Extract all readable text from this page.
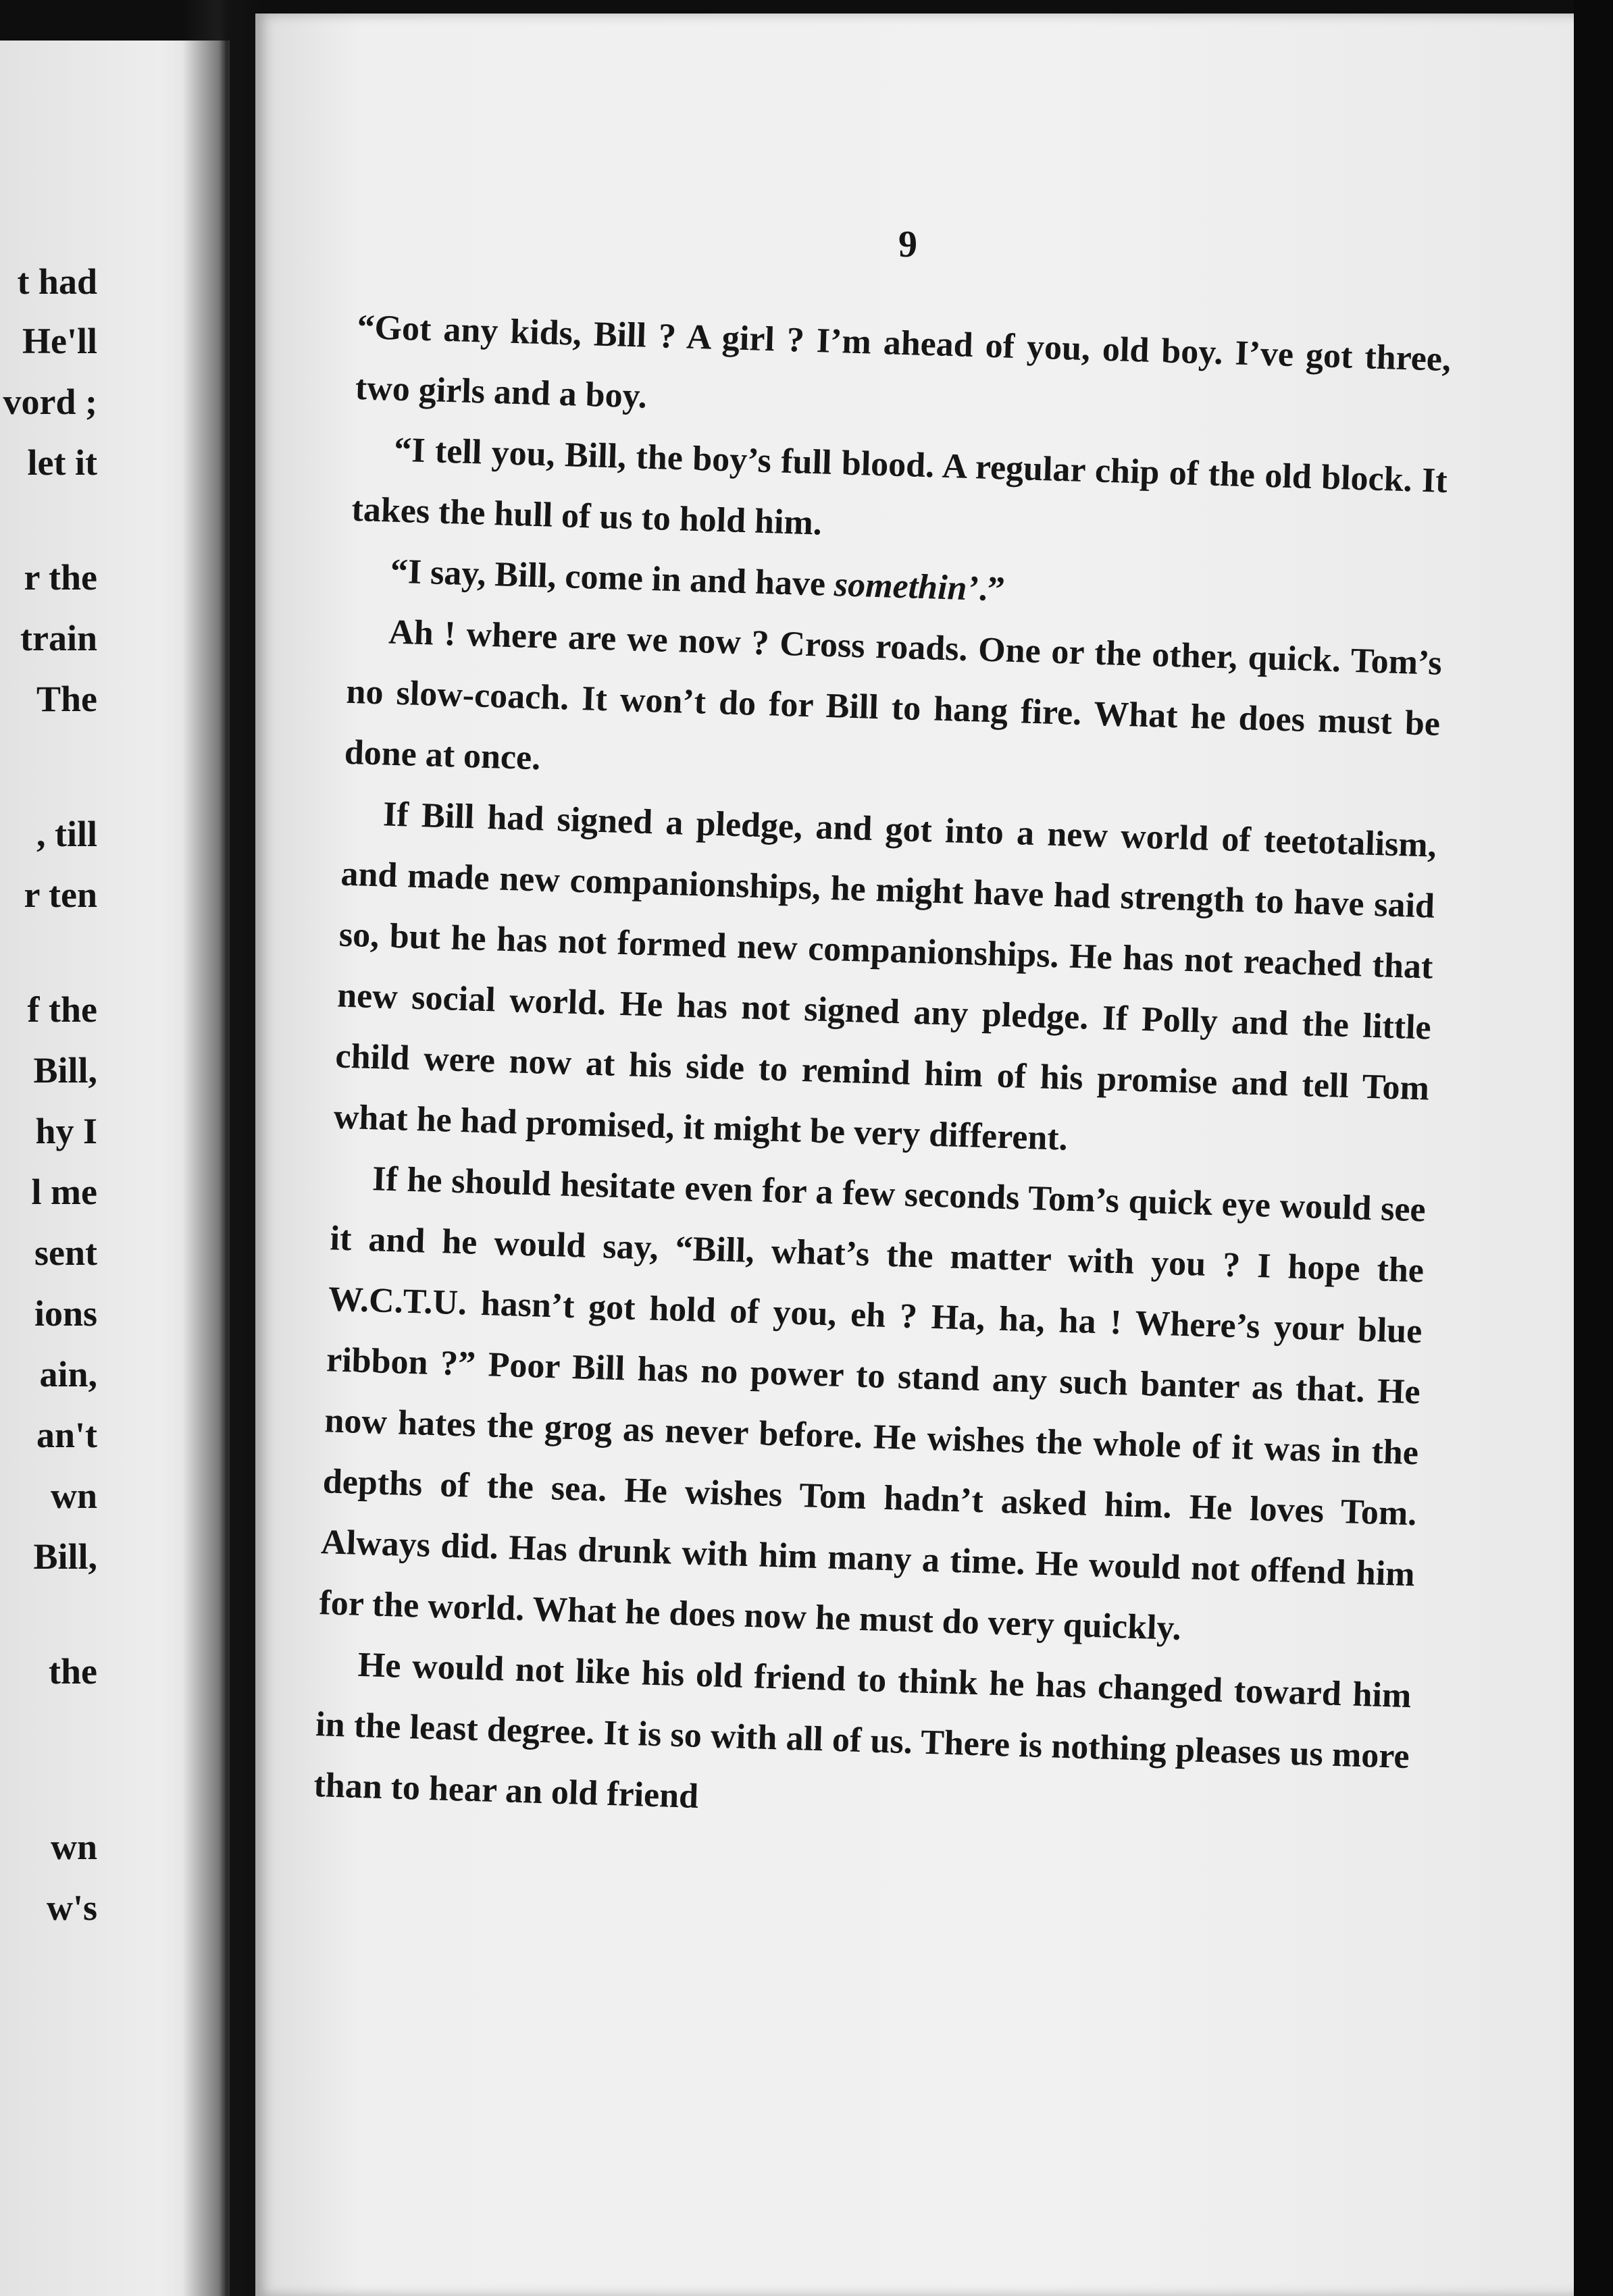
t had
He'll
vord ;
let it
r the
train
The
, till
r ten
f the
Bill,
hy I
l me
sent
ions
ain,
an't
wn
Bill,
the
wn
w's
9

“Got any kids, Bill ? A girl ? I’m ahead of you, old boy. I’ve got three, two girls and a boy.

“I tell you, Bill, the boy’s full blood. A regular chip of the old block. It takes the hull of us to hold him.

“I say, Bill, come in and have somethin’.”

Ah ! where are we now ? Cross roads. One or the other, quick. Tom’s no slow-coach. It won’t do for Bill to hang fire. What he does must be done at once.

If Bill had signed a pledge, and got into a new world of teetotalism, and made new companionships, he might have had strength to have said so, but he has not formed new companionships. He has not reached that new social world. He has not signed any pledge. If Polly and the little child were now at his side to remind him of his promise and tell Tom what he had promised, it might be very different.

If he should hesitate even for a few seconds Tom’s quick eye would see it and he would say, “Bill, what’s the matter with you ? I hope the W.C.T.U. hasn’t got hold of you, eh ? Ha, ha, ha ! Where’s your blue ribbon ?” Poor Bill has no power to stand any such banter as that. He now hates the grog as never before. He wishes the whole of it was in the depths of the sea. He wishes Tom hadn’t asked him. He loves Tom. Always did. Has drunk with him many a time. He would not offend him for the world. What he does now he must do very quickly.

He would not like his old friend to think he has changed toward him in the least degree. It is so with all of us. There is nothing pleases us more than to hear an old friend
